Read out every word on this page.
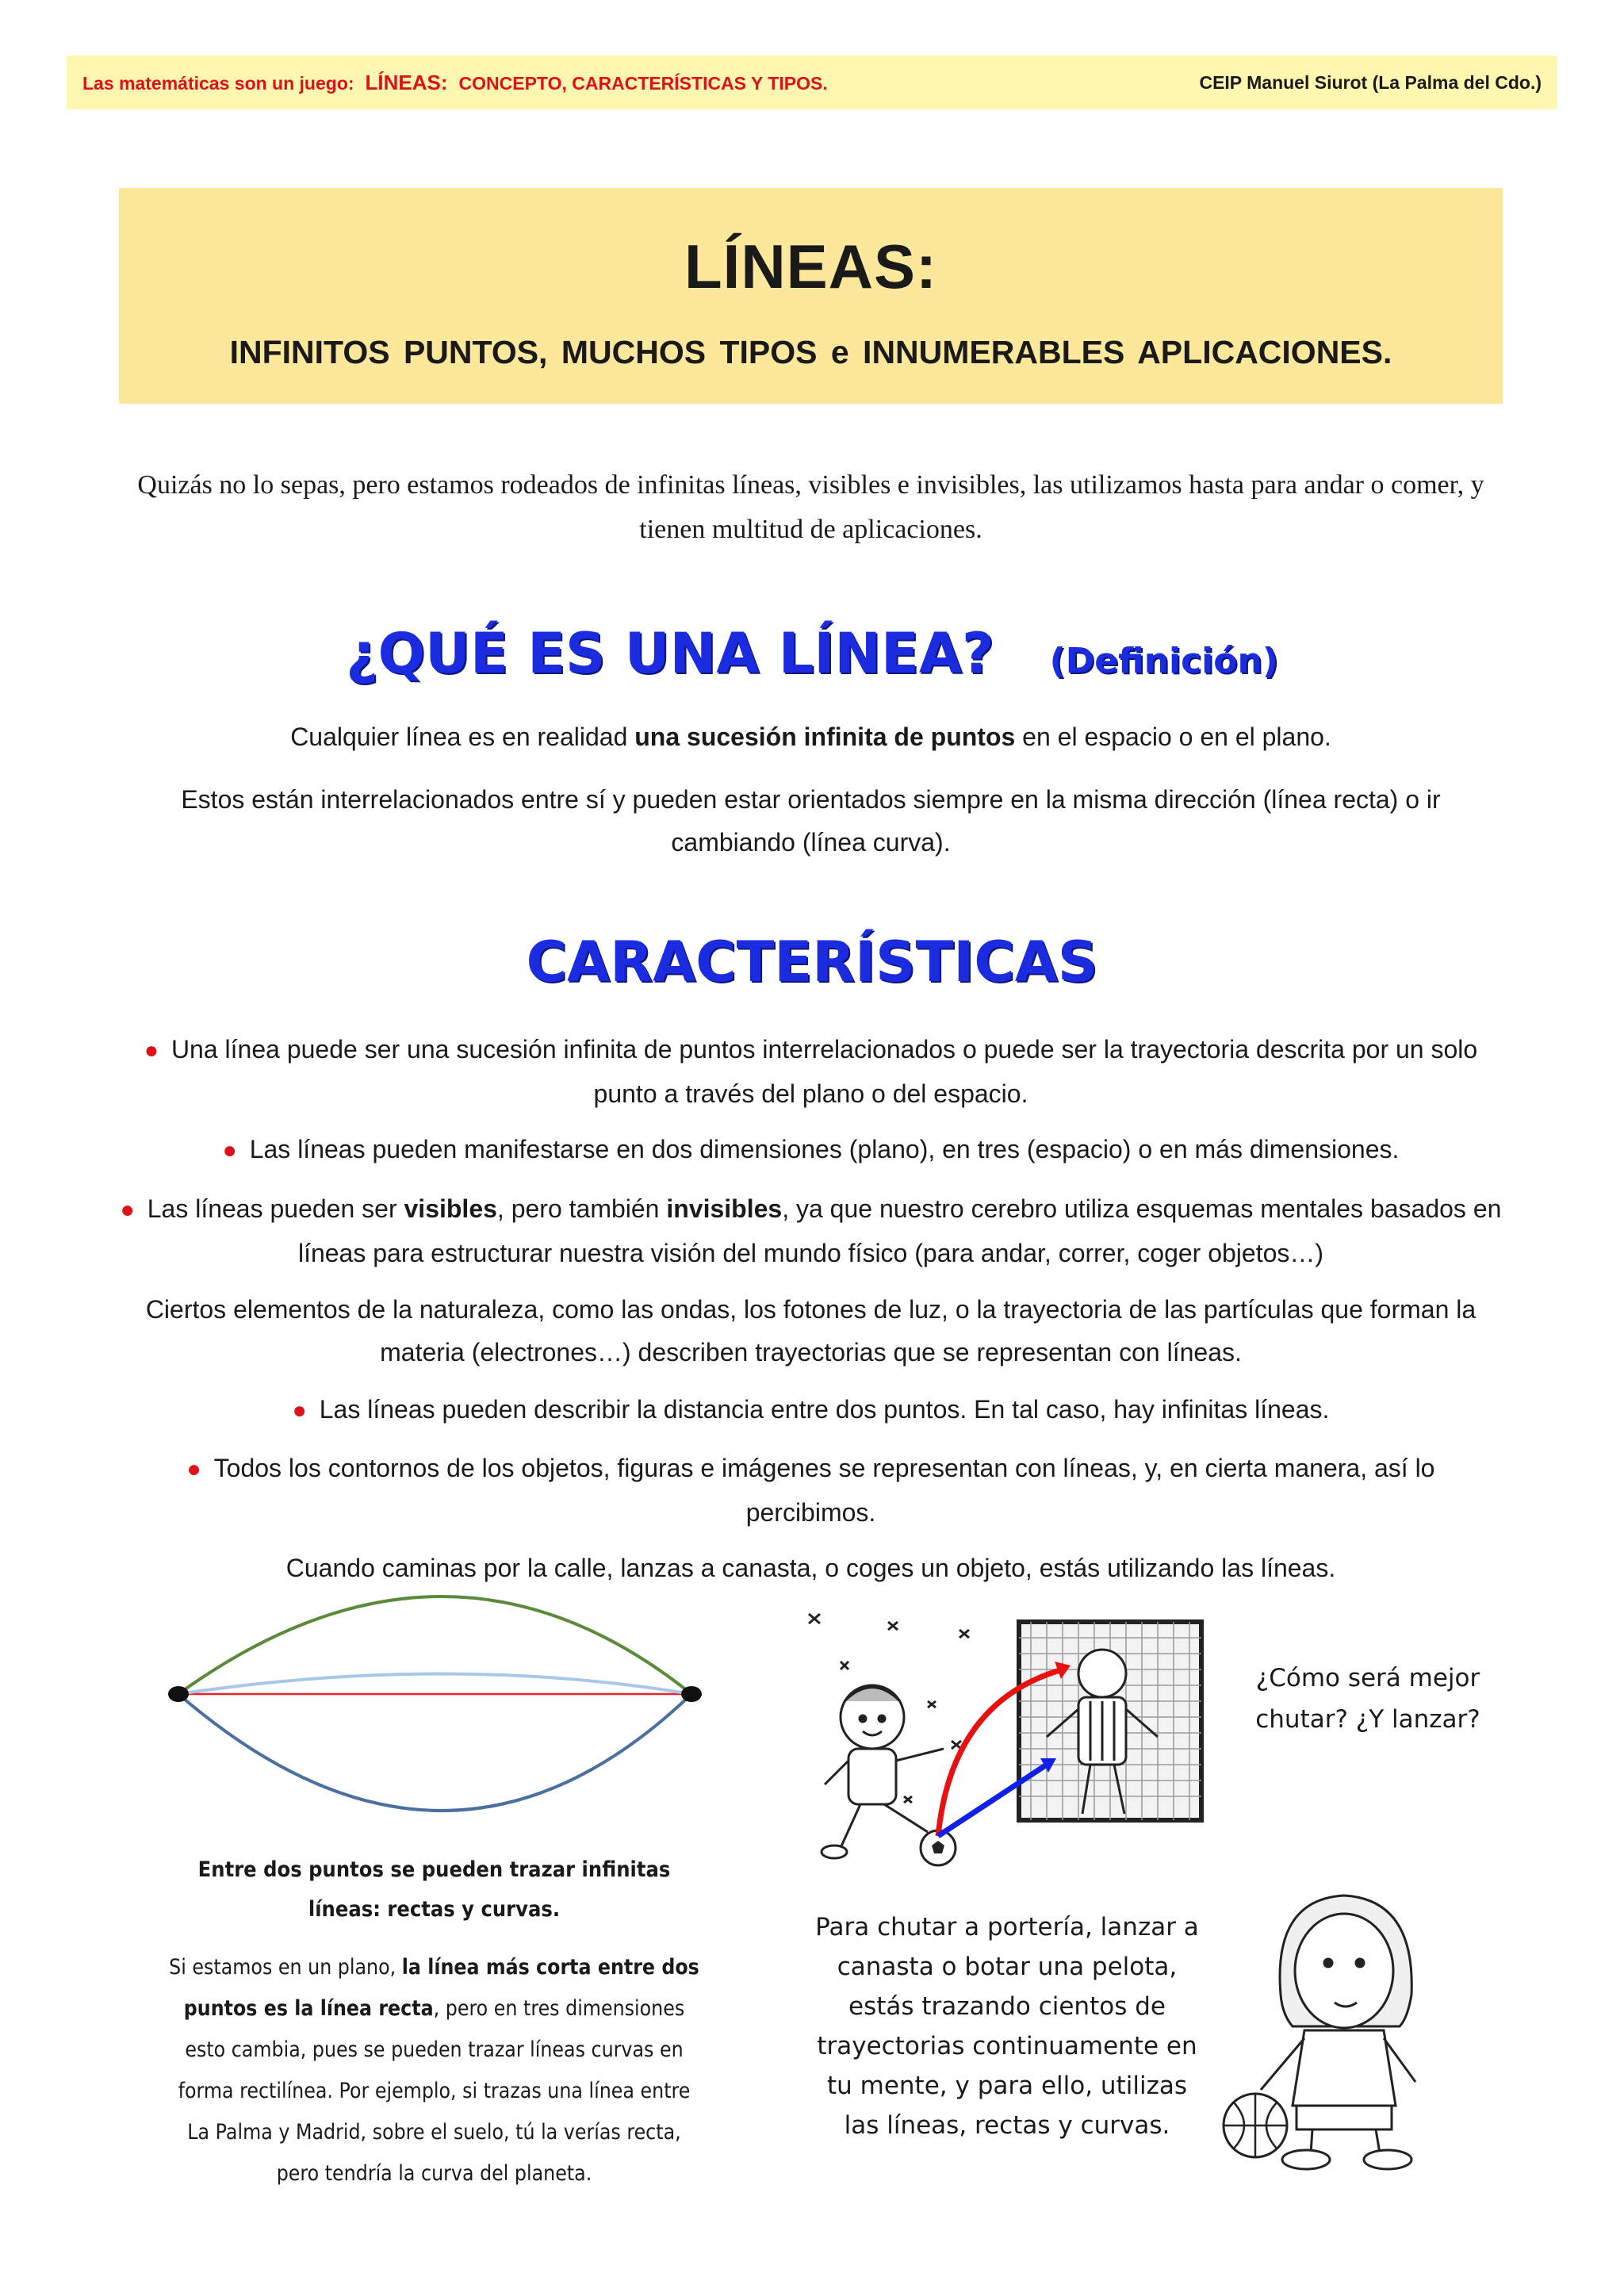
Las matemáticas son un juego: LÍNEAS: CONCEPTO, CARACTERÍSTICAS Y TIPOS.	CEIP Manuel Siurot (La Palma del Cdo.)
LÍNEAS:
INFINITOS PUNTOS, MUCHOS TIPOS e INNUMERABLES APLICACIONES.
Quizás no lo sepas, pero estamos rodeados de infinitas líneas, visibles e invisibles, las utilizamos hasta para andar o comer, y tienen multitud de aplicaciones.
¿QUÉ ES UNA LÍNEA? (Definición)

Cualquier línea es en realidad una sucesión infinita de puntos en el espacio o en el plano.

Estos están interrelacionados entre sí y pueden estar orientados siempre en la misma dirección (línea recta) o ir cambiando (línea curva).

CARACTERÍSTICAS

● Una línea puede ser una sucesión infinita de puntos interrelacionados o puede ser la trayectoria descrita por un solo punto a través del plano o del espacio.

● Las líneas pueden manifestarse en dos dimensiones (plano), en tres (espacio) o en más dimensiones.

● Las líneas pueden ser visibles, pero también invisibles, ya que nuestro cerebro utiliza esquemas mentales basados en líneas para estructurar nuestra visión del mundo físico (para andar, correr, coger objetos…)

Ciertos elementos de la naturaleza, como las ondas, los fotones de luz, o la trayectoria de las partículas que forman la materia (electrones…) describen trayectorias que se representan con líneas.

● Las líneas pueden describir la distancia entre dos puntos. En tal caso, hay infinitas líneas.

● Todos los contornos de los objetos, figuras e imágenes se representan con líneas, y, en cierta manera, así lo percibimos.

Cuando caminas por la calle, lanzas a canasta, o coges un objeto, estás utilizando las líneas.

Entre dos puntos se pueden trazar infinitas líneas: rectas y curvas.
Si estamos en un plano, la línea más corta entre dos puntos es la línea recta, pero en tres dimensiones esto cambia, pues se pueden trazar líneas curvas en forma rectilínea. Por ejemplo, si trazas una línea entre La Palma y Madrid, sobre el suelo, tú la verías recta, pero tendría la curva del planeta.
¿Cómo será mejor chutar? ¿Y lanzar?
Para chutar a portería, lanzar a canasta o botar una pelota, estás trazando cientos de trayectorias continuamente en tu mente, y para ello, utilizas las líneas, rectas y curvas.
